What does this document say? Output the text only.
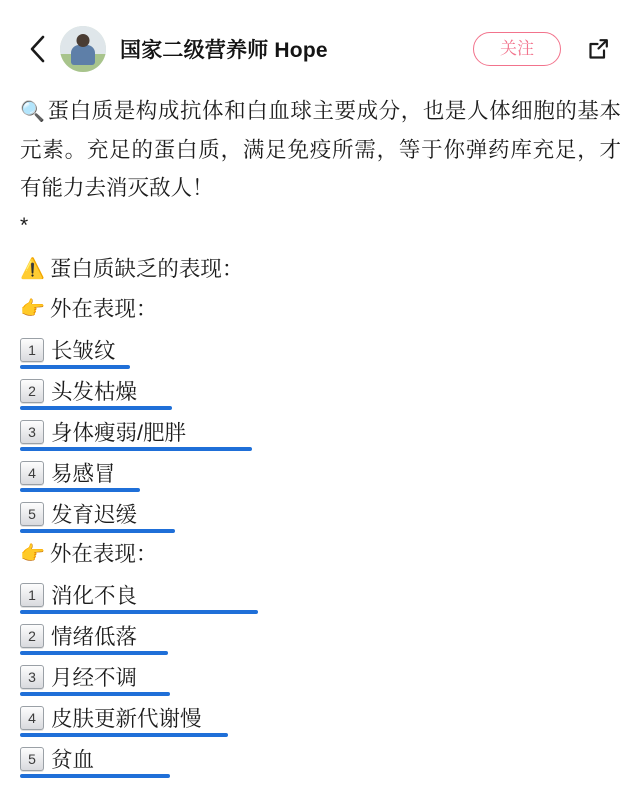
国家二级营养师 Hope	关注

🔍蛋白质是构成抗体和白血球主要成分，也是人体细胞的基本元素。充足的蛋白质，满足免疫所需，等于你弹药库充足，才有能力去消灭敌人！

*
⚠️ 蛋白质缺乏的表现：
👉 外在表现：
1 长皱纹
2 头发枯燥
3 身体瘦弱/肥胖
4 易感冒
5 发育迟缓
👉 外在表现：
1 消化不良
2 情绪低落
3 月经不调
4 皮肤更新代谢慢
5 贫血
